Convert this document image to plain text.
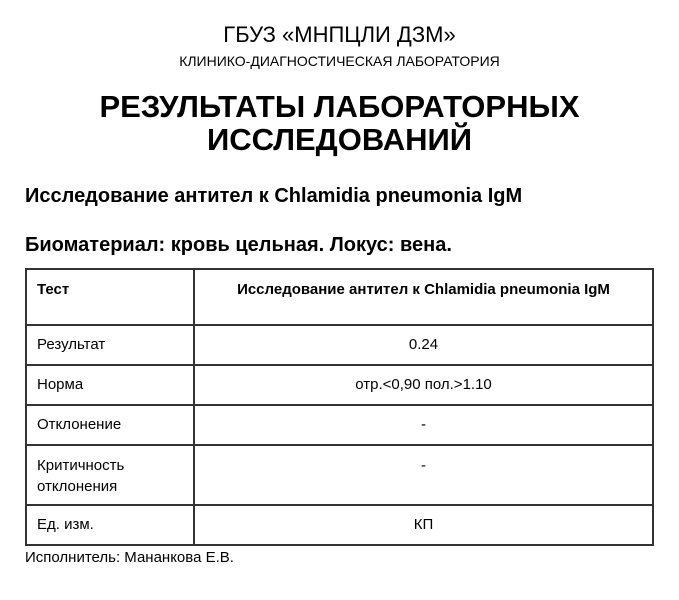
ГБУЗ «МНПЦЛИ ДЗМ»
КЛИНИКО-ДИАГНОСТИЧЕСКАЯ ЛАБОРАТОРИЯ
РЕЗУЛЬТАТЫ ЛАБОРАТОРНЫХ
ИССЛЕДОВАНИЙ
Исследование антител к Chlamidia pneumonia IgM
Биоматериал: кровь цельная. Локус: вена.
Тест	Исследование антител к Chlamidia pneumonia IgM
Результат	0.24
Норма	отр.<0,90 пол.>1.10
Отклонение	-
Критичность отклонения	-
Ед. изм.	КП
Исполнитель: Мананкова Е.В.
